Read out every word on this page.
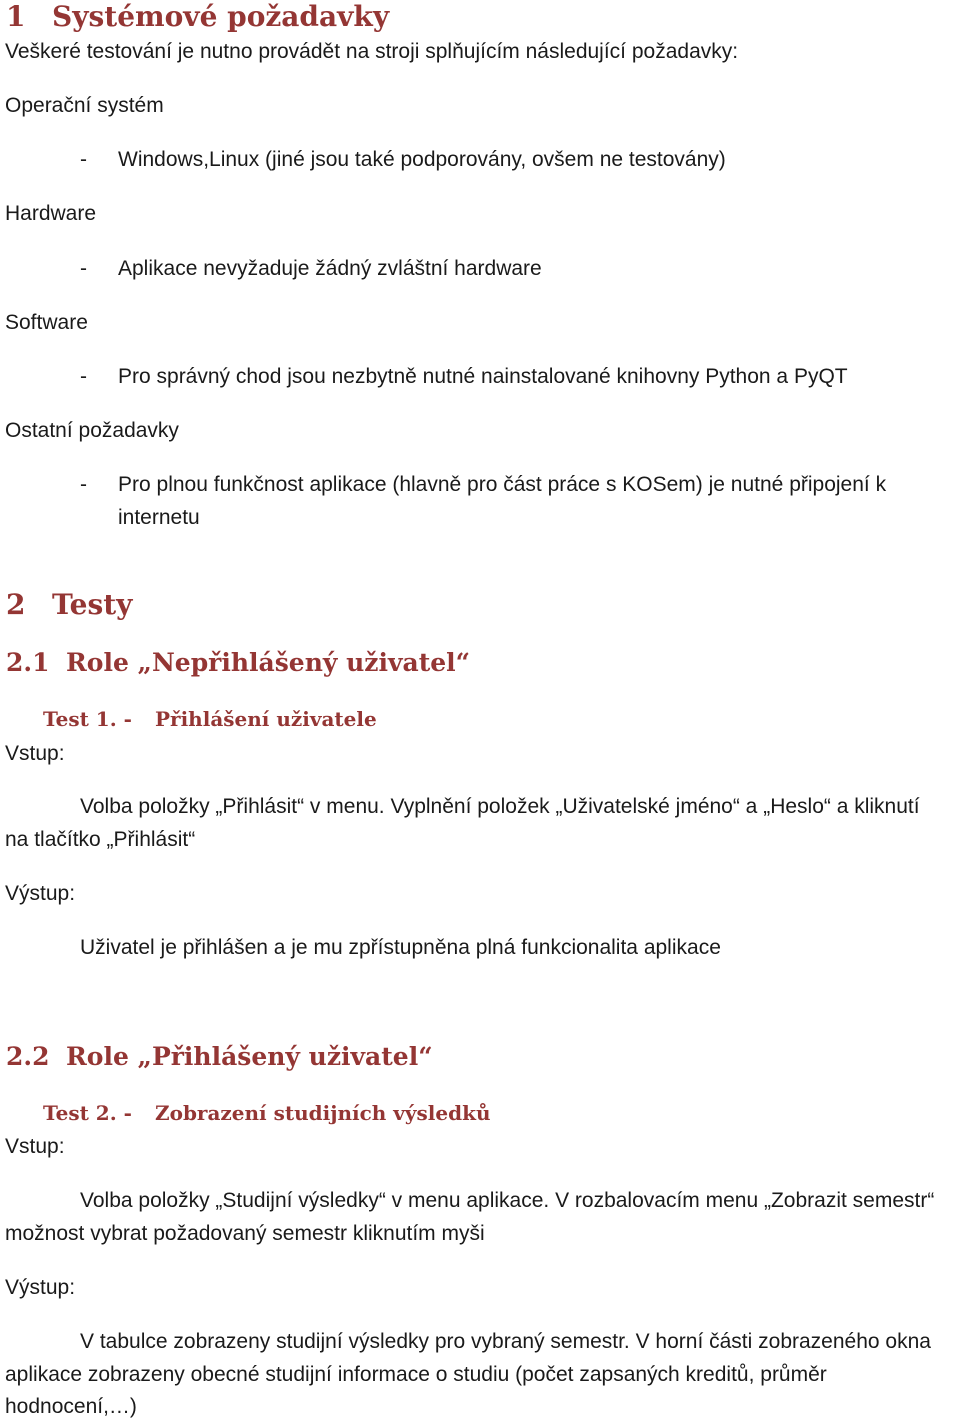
1 Systémové požadavky
Veškeré testování je nutno provádět na stroji splňujícím následující požadavky:
Operační systém
- Windows,Linux (jiné jsou také podporovány, ovšem ne testovány)
Hardware
- Aplikace nevyžaduje žádný zvláštní hardware
Software
- Pro správný chod jsou nezbytně nutné nainstalované knihovny Python a PyQT
Ostatní požadavky
- Pro plnou funkčnost aplikace (hlavně pro část práce s KOSem) je nutné připojení k
internetu
2 Testy
2.1 Role „Nepřihlášený uživatel“
Test 1. - Přihlášení uživatele
Vstup:
Volba položky „Přihlásit“ v menu. Vyplnění položek „Uživatelské jméno“ a „Heslo“ a kliknutí
na tlačítko „Přihlásit“
Výstup:
Uživatel je přihlášen a je mu zpřístupněna plná funkcionalita aplikace
2.2 Role „Přihlášený uživatel“
Test 2. - Zobrazení studijních výsledků
Vstup:
Volba položky „Studijní výsledky“ v menu aplikace. V rozbalovacím menu „Zobrazit semestr“
možnost vybrat požadovaný semestr kliknutím myši
Výstup:
V tabulce zobrazeny studijní výsledky pro vybraný semestr. V horní části zobrazeného okna
aplikace zobrazeny obecné studijní informace o studiu (počet zapsaných kreditů, průměr
hodnocení,…)
